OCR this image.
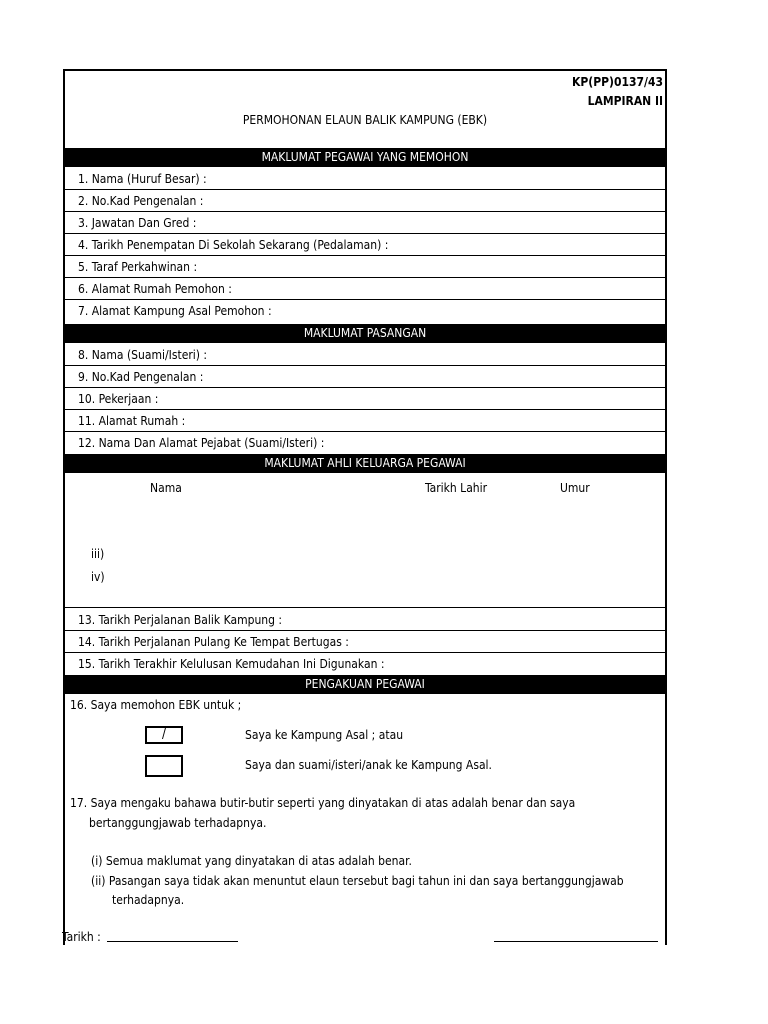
KP(PP)0137/43
LAMPIRAN II
PERMOHONAN ELAUN BALIK KAMPUNG (EBK)
MAKLUMAT PEGAWAI YANG MEMOHON
1. Nama (Huruf Besar) :
2. No.Kad Pengenalan :
3. Jawatan Dan Gred :
4. Tarikh Penempatan Di Sekolah Sekarang (Pedalaman) :
5. Taraf Perkahwinan :
6. Alamat Rumah Pemohon :
7. Alamat Kampung Asal Pemohon :
MAKLUMAT PASANGAN
8. Nama (Suami/Isteri) :
9. No.Kad Pengenalan :
10. Pekerjaan :
11. Alamat Rumah :
12. Nama Dan Alamat Pejabat (Suami/Isteri) :
MAKLUMAT AHLI KELUARGA PEGAWAI
Nama	Tarikh Lahir	Umur
iii)
iv)
13. Tarikh Perjalanan Balik Kampung :
14. Tarikh Perjalanan Pulang Ke Tempat Bertugas :
15. Tarikh Terakhir Kelulusan Kemudahan Ini Digunakan :
PENGAKUAN PEGAWAI
16. Saya memohon EBK untuk ;
/	Saya ke Kampung Asal ; atau
Saya dan suami/isteri/anak ke Kampung Asal.
17. Saya mengaku bahawa butir-butir seperti yang dinyatakan di atas adalah benar dan saya
bertanggungjawab terhadapnya.
(i) Semua maklumat yang dinyatakan di atas adalah benar.
(ii) Pasangan saya tidak akan menuntut elaun tersebut bagi tahun ini dan saya bertanggungjawab
terhadapnya.
Tarikh :
